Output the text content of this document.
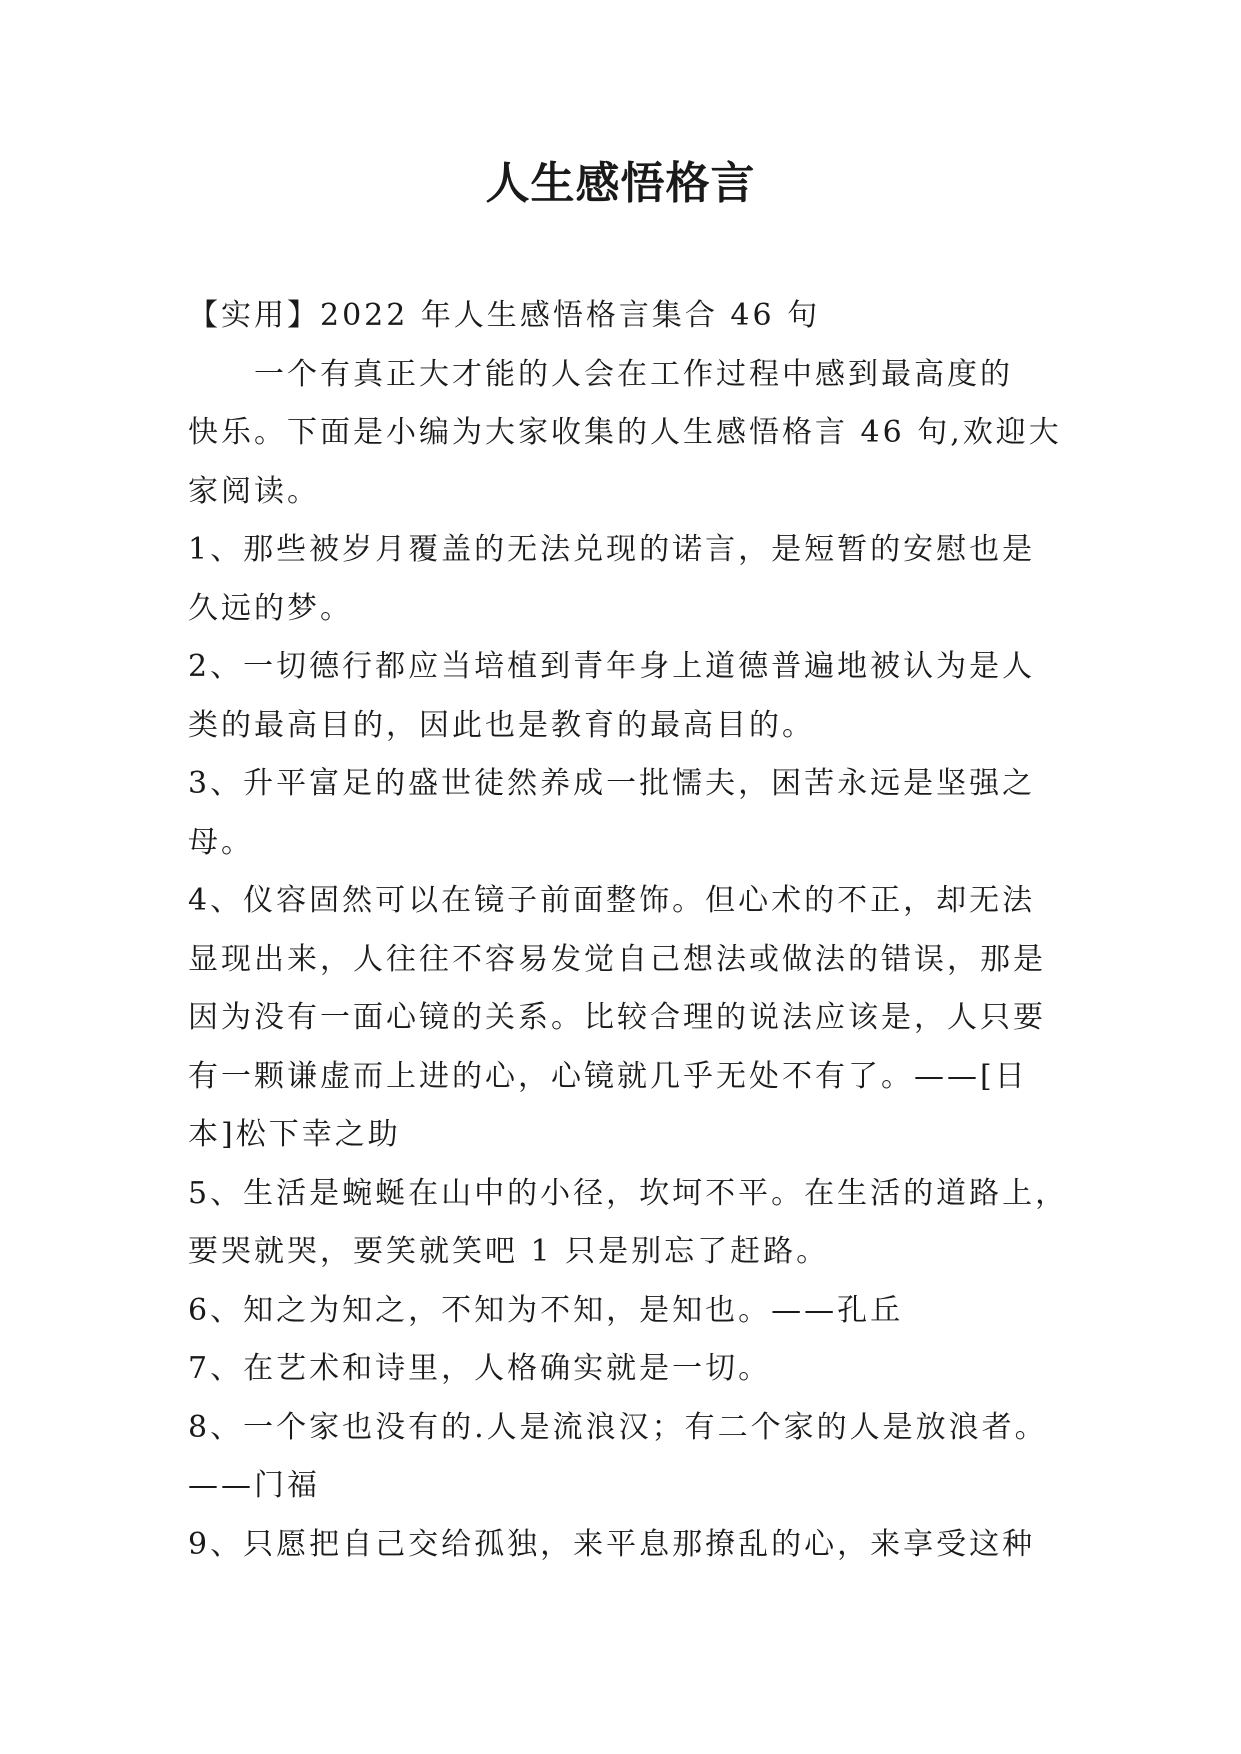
人生感悟格言
【实用】2022 年人生感悟格言集合 46 句
　　一个有真正大才能的人会在工作过程中感到最高度的
快乐。下面是小编为大家收集的人生感悟格言 46 句,欢迎大
家阅读。
1、那些被岁月覆盖的无法兑现的诺言，是短暂的安慰也是
久远的梦。
2、一切德行都应当培植到青年身上道德普遍地被认为是人
类的最高目的，因此也是教育的最高目的。
3、升平富足的盛世徒然养成一批懦夫，困苦永远是坚强之
母。
4、仪容固然可以在镜子前面整饰。但心术的不正，却无法
显现出来，人往往不容易发觉自己想法或做法的错误，那是
因为没有一面心镜的关系。比较合理的说法应该是，人只要
有一颗谦虚而上进的心，心镜就几乎无处不有了。——[日
本]松下幸之助
5、生活是蜿蜒在山中的小径，坎坷不平。在生活的道路上，
要哭就哭，要笑就笑吧 1 只是别忘了赶路。
6、知之为知之，不知为不知，是知也。——孔丘
7、在艺术和诗里，人格确实就是一切。
8、一个家也没有的.人是流浪汉；有二个家的人是放浪者。
——门福
9、只愿把自己交给孤独，来平息那撩乱的心，来享受这种
